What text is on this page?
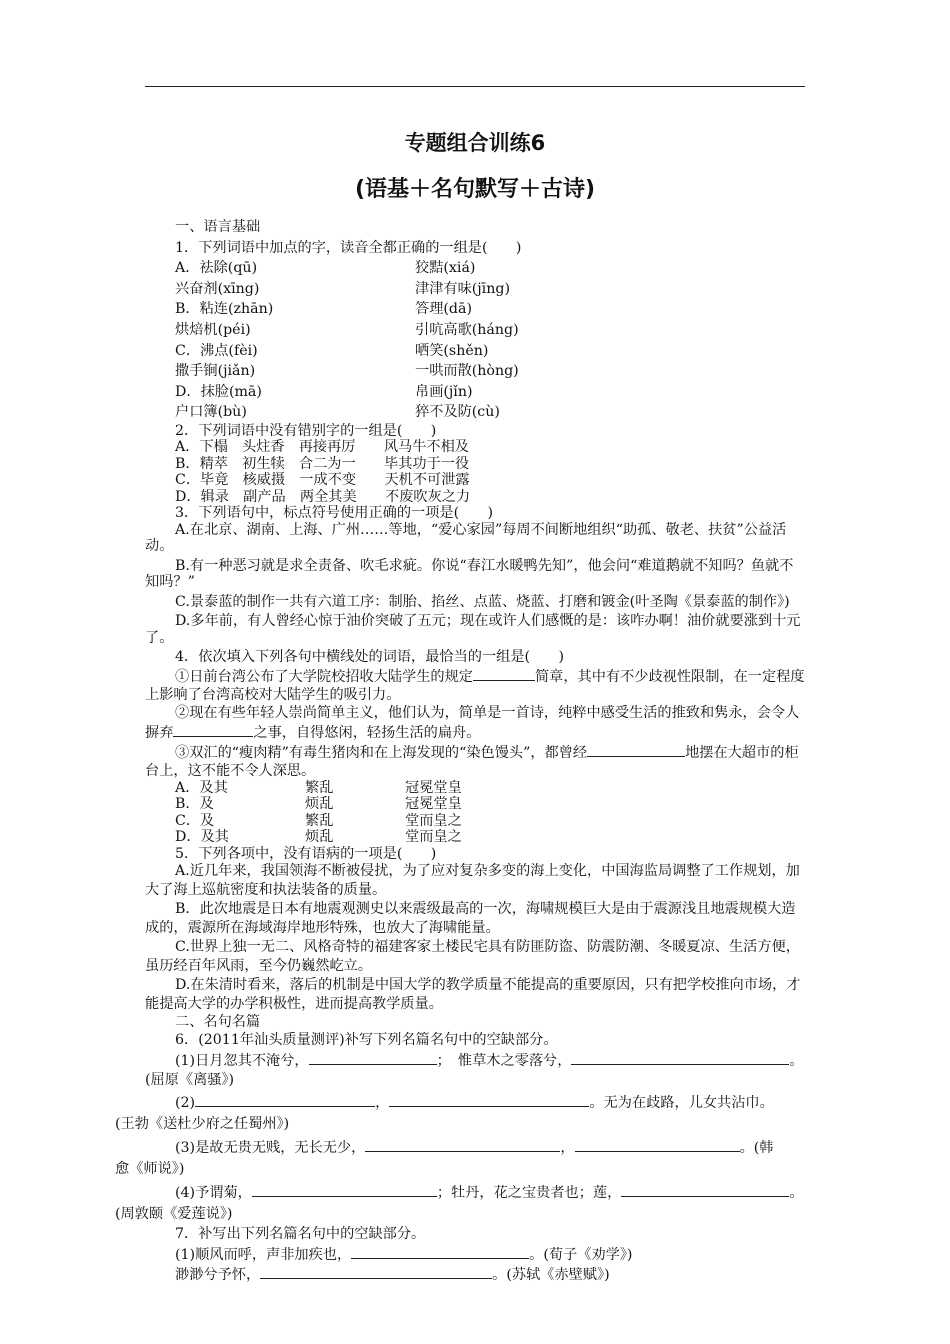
专题组合训练6
(语基＋名句默写＋古诗)
一、语言基础
1．下列词语中加点的字，读音全都正确的一组是(　　)
A．祛除(qū)	狡黠(xiá)
兴奋剂(xīng)	津津有味(jīng)
B．粘连(zhān)	答理(dā)
烘焙机(péi)	引吭高歌(háng)
C．沸点(fèi)	哂笑(shěn)
撒手锏(jiǎn)	一哄而散(hòng)
D．抹脸(mā)	帛画(jǐn)
户口簿(bù)	猝不及防(cù)
2．下列词语中没有错别字的一组是(　　)
A．下榻　头炷香　再接再厉　　风马牛不相及
B．精萃　初生犊　合二为一　　毕其功于一役
C．毕竟　核威摄　一成不变　　天机不可泄露
D．辑录　副产品　两全其美　　不废吹灰之力
3．下列语句中，标点符号使用正确的一项是(　　)
A.在北京、湖南、上海、广州……等地，“爱心家园”每周不间断地组织“助孤、敬老、扶贫”公益活动。
B.有一种恶习就是求全责备、吹毛求疵。你说“春江水暖鸭先知”，他会问“难道鹅就不知吗？鱼就不知吗？”
C.景泰蓝的制作一共有六道工序：制胎、掐丝、点蓝、烧蓝、打磨和镀金(叶圣陶《景泰蓝的制作》)
D.多年前，有人曾经心惊于油价突破了五元；现在或许人们感慨的是：该咋办啊！油价就要涨到十元了。
4．依次填入下列各句中横线处的词语，最恰当的一组是(　　)
①日前台湾公布了大学院校招收大陆学生的规定	简章，其中有不少歧视性限制，在一定程度上影响了台湾高校对大陆学生的吸引力。
②现在有些年轻人崇尚简单主义，他们认为，简单是一首诗，纯粹中感受生活的推致和隽永，会令人摒弃	之事，自得悠闲，轻扬生活的扁舟。
③双汇的“瘦肉精”有毒生猪肉和在上海发现的“染色馒头”，都曾经	地摆在大超市的柜台上，这不能不令人深思。
A．及其	繁乱	冠冕堂皇
B．及	烦乱	冠冕堂皇
C．及	繁乱	堂而皇之
D．及其	烦乱	堂而皇之
5．下列各项中，没有语病的一项是(　　)
A.近几年来，我国领海不断被侵扰，为了应对复杂多变的海上变化，中国海监局调整了工作规划，加大了海上巡航密度和执法装备的质量。
B．此次地震是日本有地震观测史以来震级最高的一次，海啸规模巨大是由于震源浅且地震规模大造成的，震源所在海域海岸地形特殊，也放大了海啸能量。
C.世界上独一无二、风格奇特的福建客家土楼民宅具有防匪防盗、防震防潮、冬暖夏凉、生活方便，虽历经百年风雨，至今仍巍然屹立。
D.在朱清时看来，落后的机制是中国大学的教学质量不能提高的重要原因，只有把学校推向市场，才能提高大学的办学积极性，进而提高教学质量。
二、名句名篇
6．(2011年汕头质量测评)补写下列名篇名句中的空缺部分。
(1)日月忽其不淹兮，	；　惟草木之零落兮，	。(屈原《离骚》)
(2)	，	。无为在歧路，儿女共沾巾。
(王勃《送杜少府之任蜀州》)
(3)是故无贵无贱，无长无少，	，	。(韩
愈《师说》)
(4)予谓菊，	；牡丹，花之宝贵者也；莲，	。
(周敦颐《爱莲说》)
7．补写出下列名篇名句中的空缺部分。
(1)顺风而呼，声非加疾也，	。(荀子《劝学》)
渺渺兮予怀，	。(苏轼《赤壁赋》)
